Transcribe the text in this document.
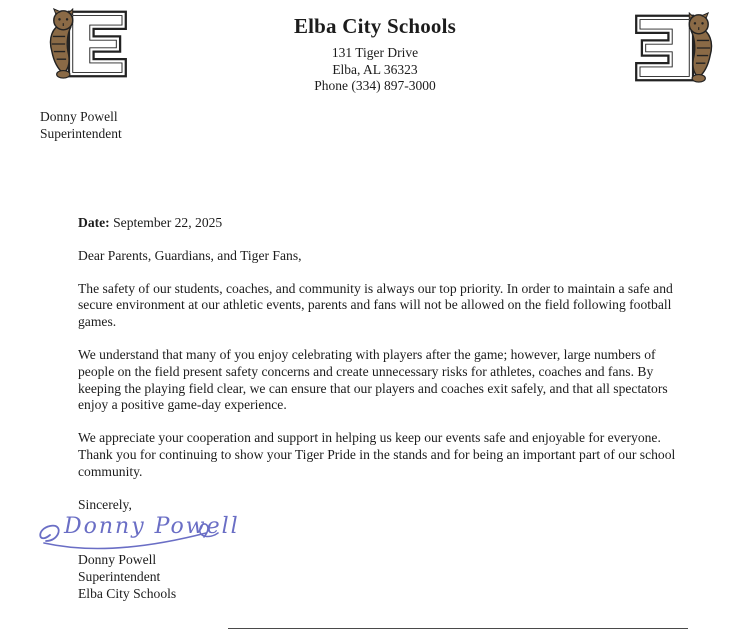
Elba City Schools
131 Tiger Drive
Elba, AL 36323
Phone (334) 897-3000
Donny Powell
Superintendent

Date: September 22, 2025

Dear Parents, Guardians, and Tiger Fans,

The safety of our students, coaches, and community is always our top priority. In order to maintain a safe and secure environment at our athletic events, parents and fans will not be allowed on the field following football games.

We understand that many of you enjoy celebrating with players after the game; however, large numbers of people on the field present safety concerns and create unnecessary risks for athletes, coaches and fans. By keeping the playing field clear, we can ensure that our players and coaches exit safely, and that all spectators enjoy a positive game-day experience.

We appreciate your cooperation and support in helping us keep our events safe and enjoyable for everyone. Thank you for continuing to show your Tiger Pride in the stands and for being an important part of our school community.

Sincerely,

Donny Powell
Superintendent
Elba City Schools
Donny Powell
